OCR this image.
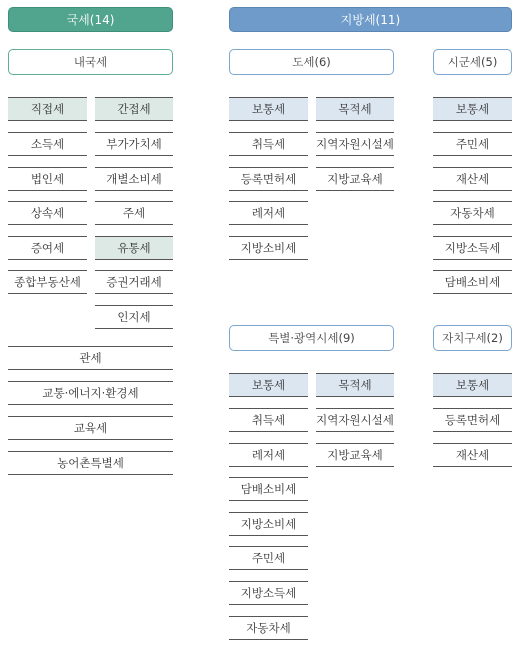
국세(14)	지방세(11)
내국세	도세(6)	시군세(5)
특별·광역시세(9)	자치구세(2)
직접세
소득세
법인세
상속세
증여세
종합부동산세
간접세
부가가치세
개별소비세
주세
유통세
증권거래세
인지세
관세
교통·에너지·환경세
교육세
농어촌특별세
보통세
취득세
등록면허세
레저세
지방소비세
목적세
지역자원시설세
지방교육세
보통세
주민세
재산세
자동차세
지방소득세
담배소비세
보통세
취득세
레저세
담배소비세
지방소비세
주민세
지방소득세
자동차세
목적세
지역자원시설세
지방교육세
보통세
등록면허세
재산세
